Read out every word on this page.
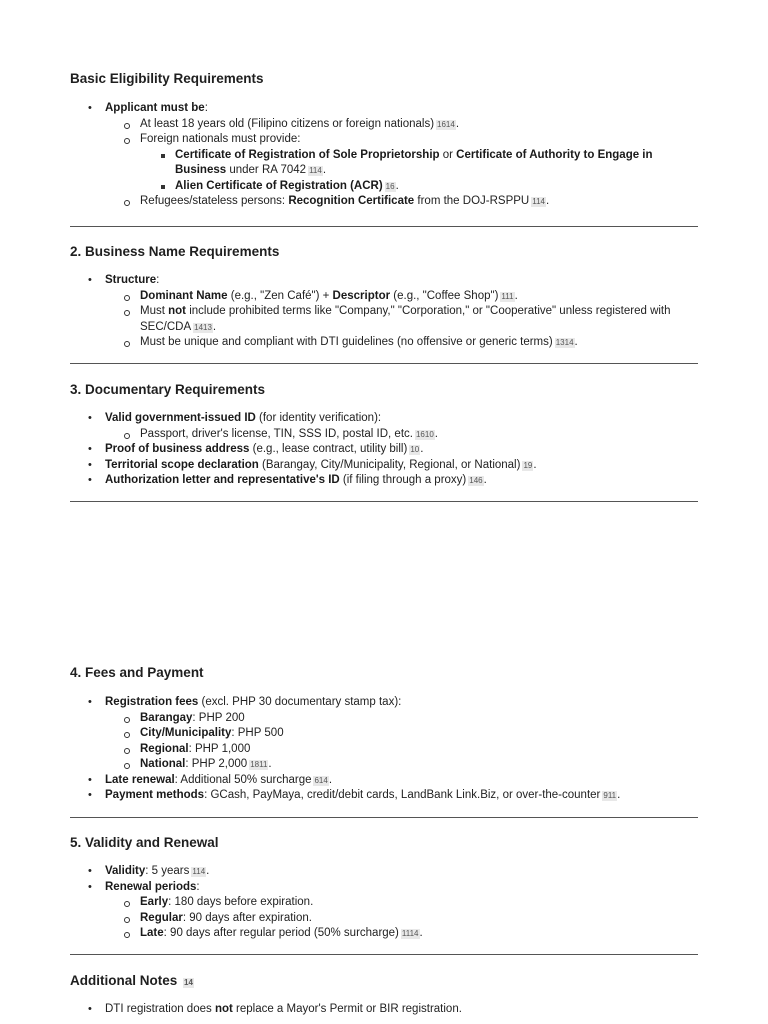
Basic Eligibility Requirements
• Applicant must be:
At least 18 years old (Filipino citizens or foreign nationals) 1614.
Foreign nationals must provide:
Certificate of Registration of Sole Proprietorship or Certificate of Authority to Engage in Business under RA 7042 114.
Alien Certificate of Registration (ACR) 16.
Refugees/stateless persons: Recognition Certificate from the DOJ-RSPPU 114.
2. Business Name Requirements
• Structure:
Dominant Name (e.g., "Zen Café") + Descriptor (e.g., "Coffee Shop") 111.
Must not include prohibited terms like "Company," "Corporation," or "Cooperative" unless registered with SEC/CDA 1413.
Must be unique and compliant with DTI guidelines (no offensive or generic terms) 1314.
3. Documentary Requirements
• Valid government-issued ID (for identity verification):
Passport, driver's license, TIN, SSS ID, postal ID, etc. 1610.
• Proof of business address (e.g., lease contract, utility bill) 10.
• Territorial scope declaration (Barangay, City/Municipality, Regional, or National) 19.
• Authorization letter and representative's ID (if filing through a proxy) 146.
4. Fees and Payment
• Registration fees (excl. PHP 30 documentary stamp tax):
Barangay: PHP 200
City/Municipality: PHP 500
Regional: PHP 1,000
National: PHP 2,000 1811.
• Late renewal: Additional 50% surcharge 614.
• Payment methods: GCash, PayMaya, credit/debit cards, LandBank Link.Biz, or over-the-counter 911.
5. Validity and Renewal
• Validity: 5 years 114.
• Renewal periods:
Early: 180 days before expiration.
Regular: 90 days after expiration.
Late: 90 days after regular period (50% surcharge) 1114.
Additional Notes 14
• DTI registration does not replace a Mayor's Permit or BIR registration.
